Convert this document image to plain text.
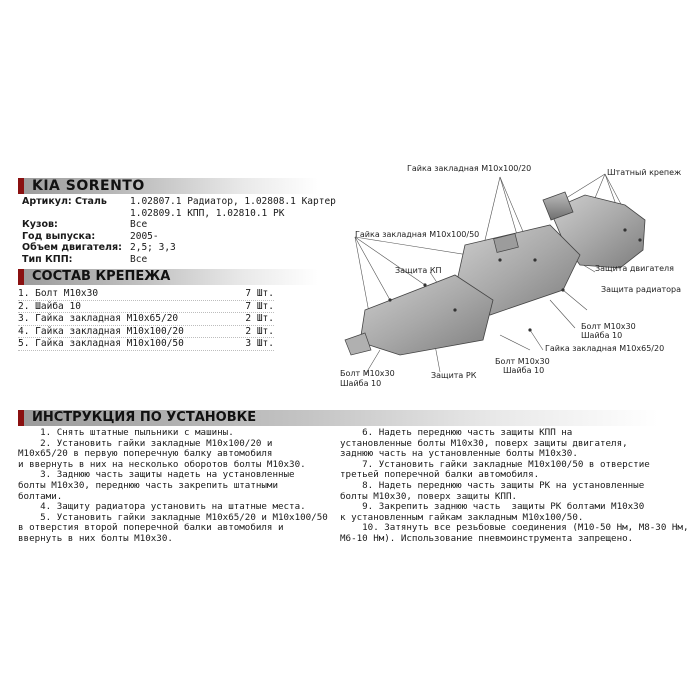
KIA SORENTO
Артикул: Сталь	1.02807.1 Радиатор, 1.02808.1 Картер
1.02809.1 КПП, 1.02810.1 РК
Кузов:	Все
Год выпуска:	2005-
Объем двигателя: 2,5; 3,3
Тип КПП:	Все
СОСТАВ КРЕПЕЖА
1. Болт М10х30	7 Шт.
2. Шайба 10	7 Шт.
3. Гайка закладная М10х65/20	2 Шт.
4. Гайка закладная М10х100/20	2 Шт.
5. Гайка закладная М10х100/50	3 Шт.
Гайка закладная М10х100/20	Штатный крепеж
Гайка закладная М10х100/50
Защита двигателя
Защита КП
Защита радиатора
Болт М10х30
Шайба 10
Гайка закладная М10х65/20
Болт М10х30
Шайба 10
Болт М10х30
Шайба 10
Защита РК
ИНСТРУКЦИЯ ПО УСТАНОВКЕ
1. Снять штатные пыльники с машины.
2. Установить гайки закладные М10х100/20 и
М10х65/20 в первую поперечную балку автомобиля
и ввернуть в них на несколько оборотов болты М10х30.
3. Заднюю часть защиты надеть на установленные
болты М10х30, переднюю часть закрепить штатными
болтами.
4. Защиту радиатора установить на штатные места.
5. Установить гайки закладные М10х65/20 и М10х100/50
в отверстия второй поперечной балки автомобиля и
ввернуть в них болты М10х30.
6. Надеть переднюю часть защиты КПП на
установленные болты М10х30, поверх защиты двигателя,
заднюю часть на установленные болты М10х30.
7. Установить гайки закладные М10х100/50 в отверстие
третьей поперечной балки автомобиля.
8. Надеть переднюю часть защиты РК на установленные
болты М10х30, поверх защиты КПП.
9. Закрепить заднюю часть  защиты РК болтами М10х30
к установленным гайкам закладным М10х100/50.
10. Затянуть все резьбовые соединения (М10-50 Нм, М8-30 Нм,
М6-10 Нм). Использование пневмоинструмента запрещено.
